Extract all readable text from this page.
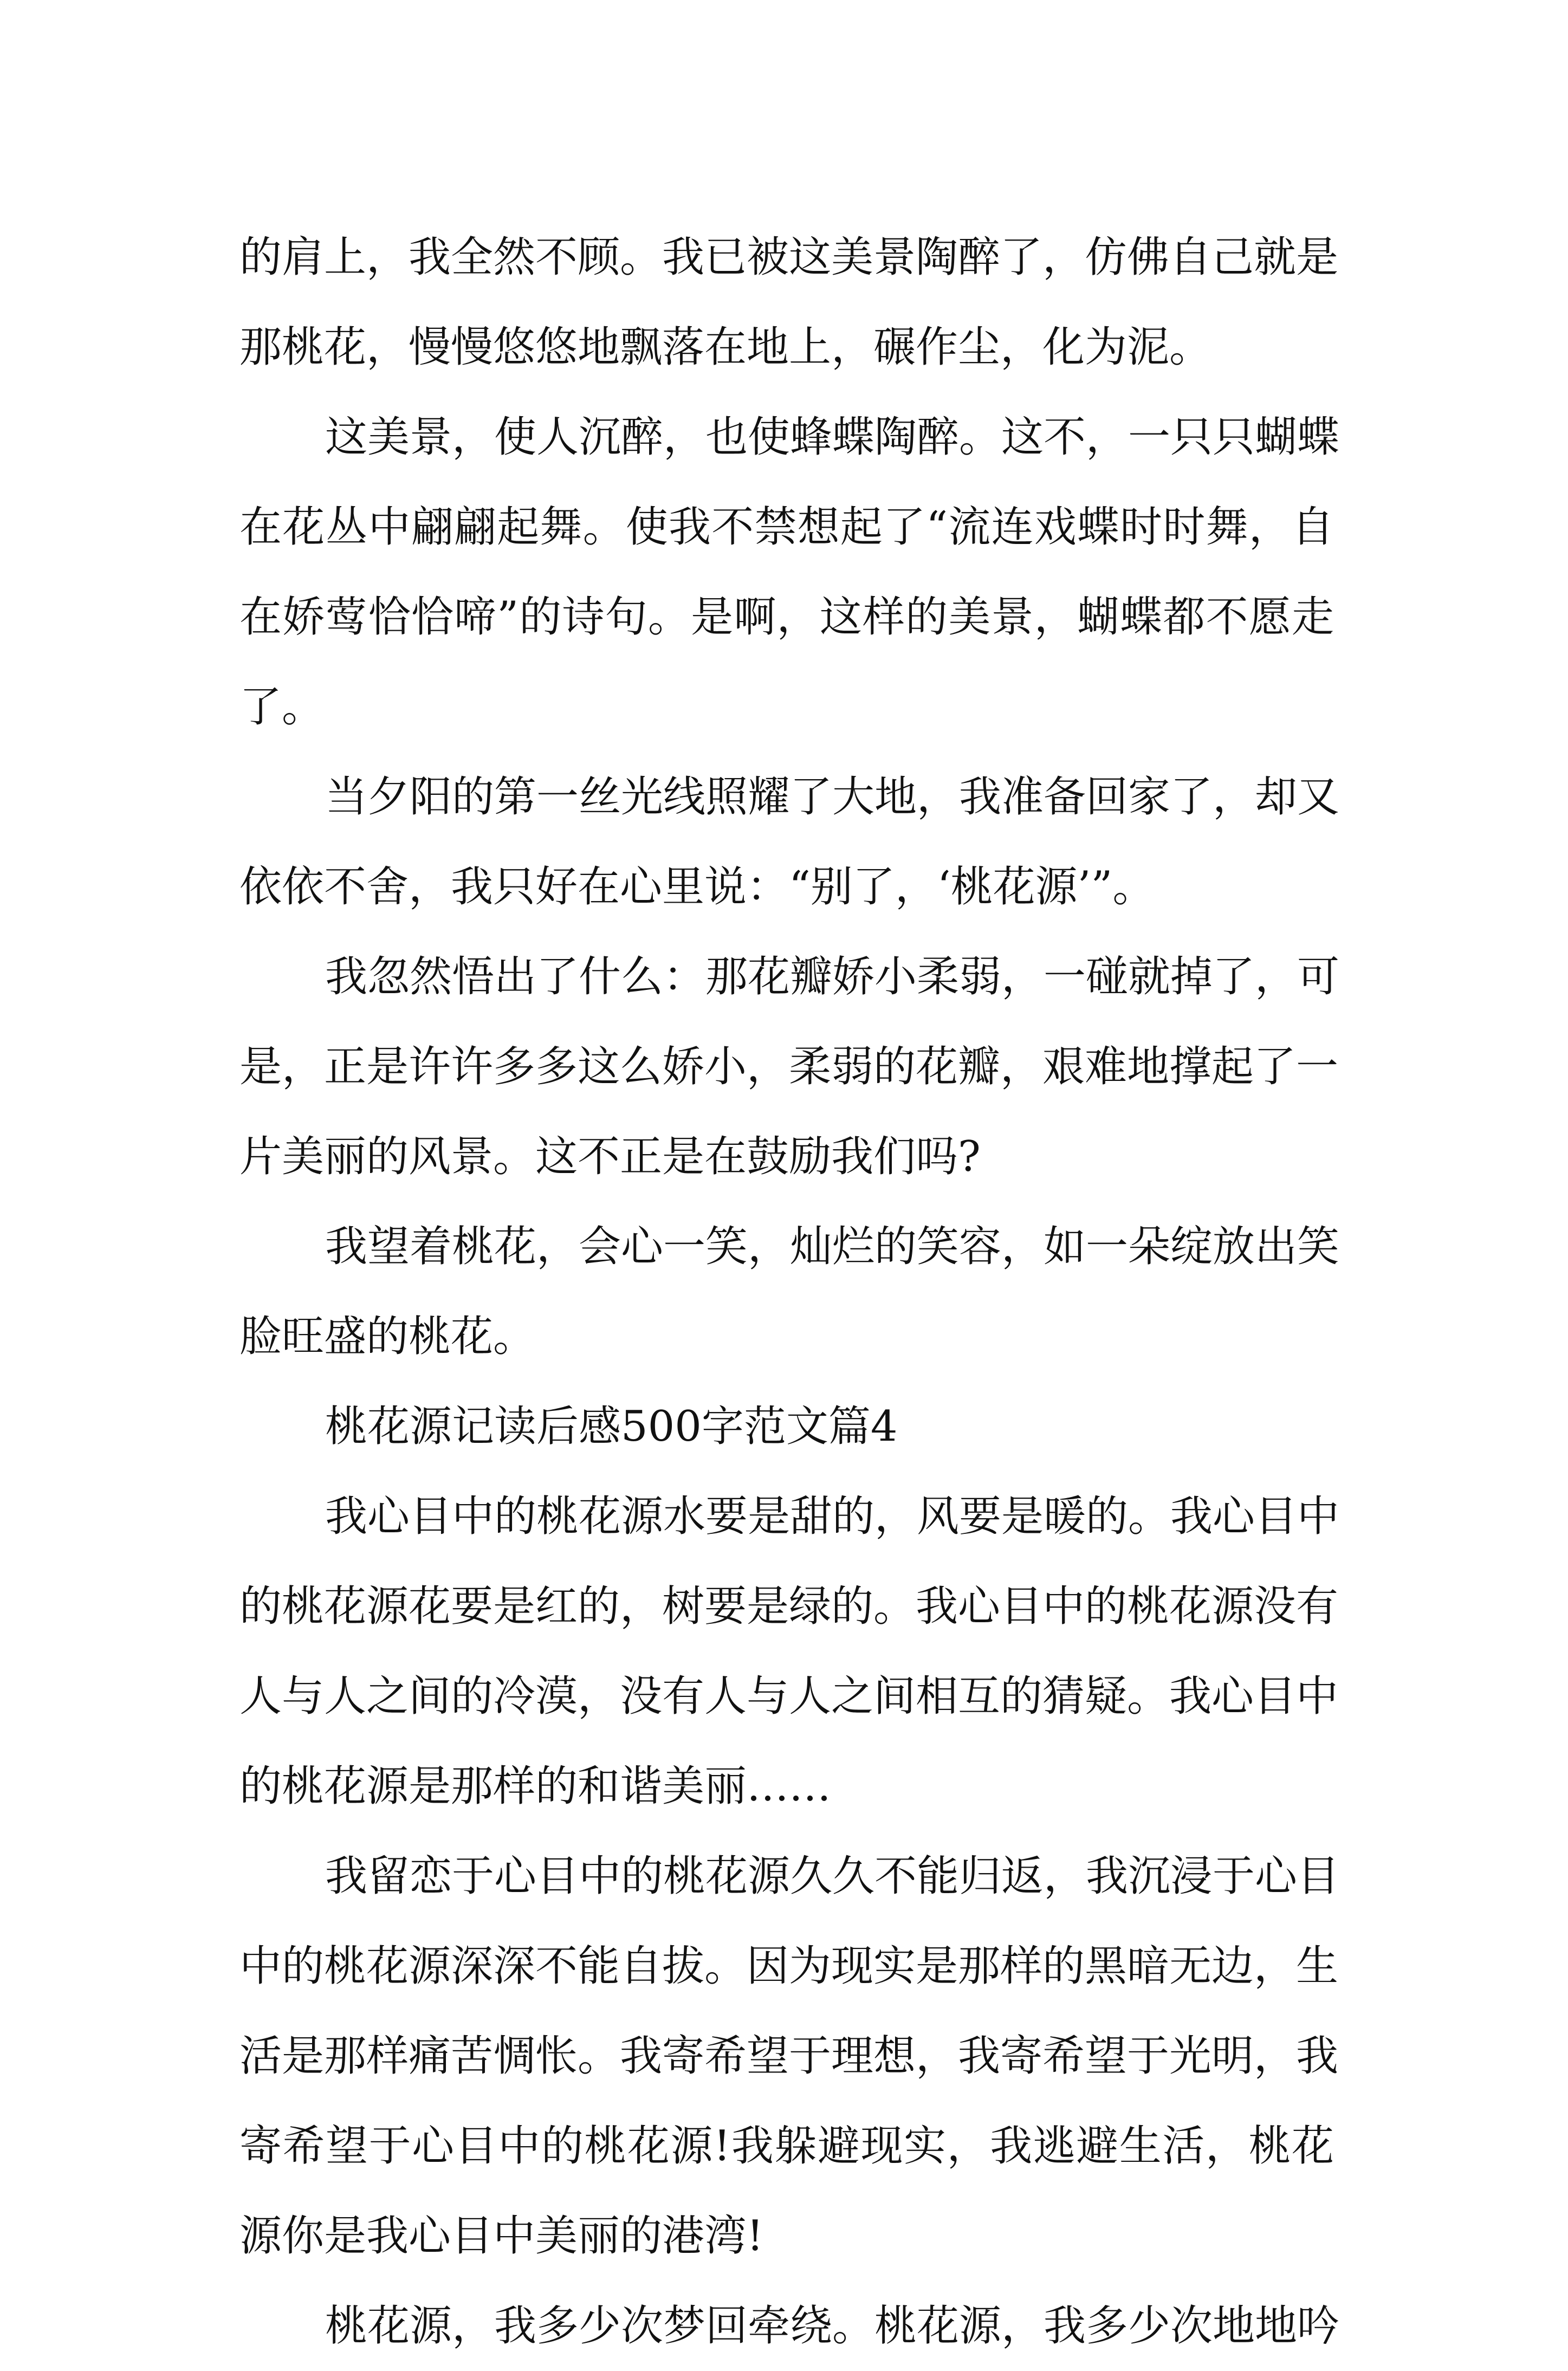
的肩上，我全然不顾。我已被这美景陶醉了，仿佛自己就是
那桃花，慢慢悠悠地飘落在地上，碾作尘，化为泥。
这美景，使人沉醉，也使蜂蝶陶醉。这不，一只只蝴蝶
在花丛中翩翩起舞。使我不禁想起了“流连戏蝶时时舞，自
在娇莺恰恰啼”的诗句。是啊，这样的美景，蝴蝶都不愿走
了。
当夕阳的第一丝光线照耀了大地，我准备回家了，却又
依依不舍，我只好在心里说：“别了，‘桃花源’”。
我忽然悟出了什么：那花瓣娇小柔弱，一碰就掉了，可
是，正是许许多多这么娇小，柔弱的花瓣，艰难地撑起了一
片美丽的风景。这不正是在鼓励我们吗?
我望着桃花，会心一笑，灿烂的笑容，如一朵绽放出笑
脸旺盛的桃花。
桃花源记读后感500字范文篇4
我心目中的桃花源水要是甜的，风要是暖的。我心目中
的桃花源花要是红的，树要是绿的。我心目中的桃花源没有
人与人之间的冷漠，没有人与人之间相互的猜疑。我心目中
的桃花源是那样的和谐美丽……
我留恋于心目中的桃花源久久不能归返，我沉浸于心目
中的桃花源深深不能自拔。因为现实是那样的黑暗无边，生
活是那样痛苦惆怅。我寄希望于理想，我寄希望于光明，我
寄希望于心目中的桃花源!我躲避现实，我逃避生活，桃花
源你是我心目中美丽的港湾!
桃花源，我多少次梦回牵绕。桃花源，我多少次地地吟
